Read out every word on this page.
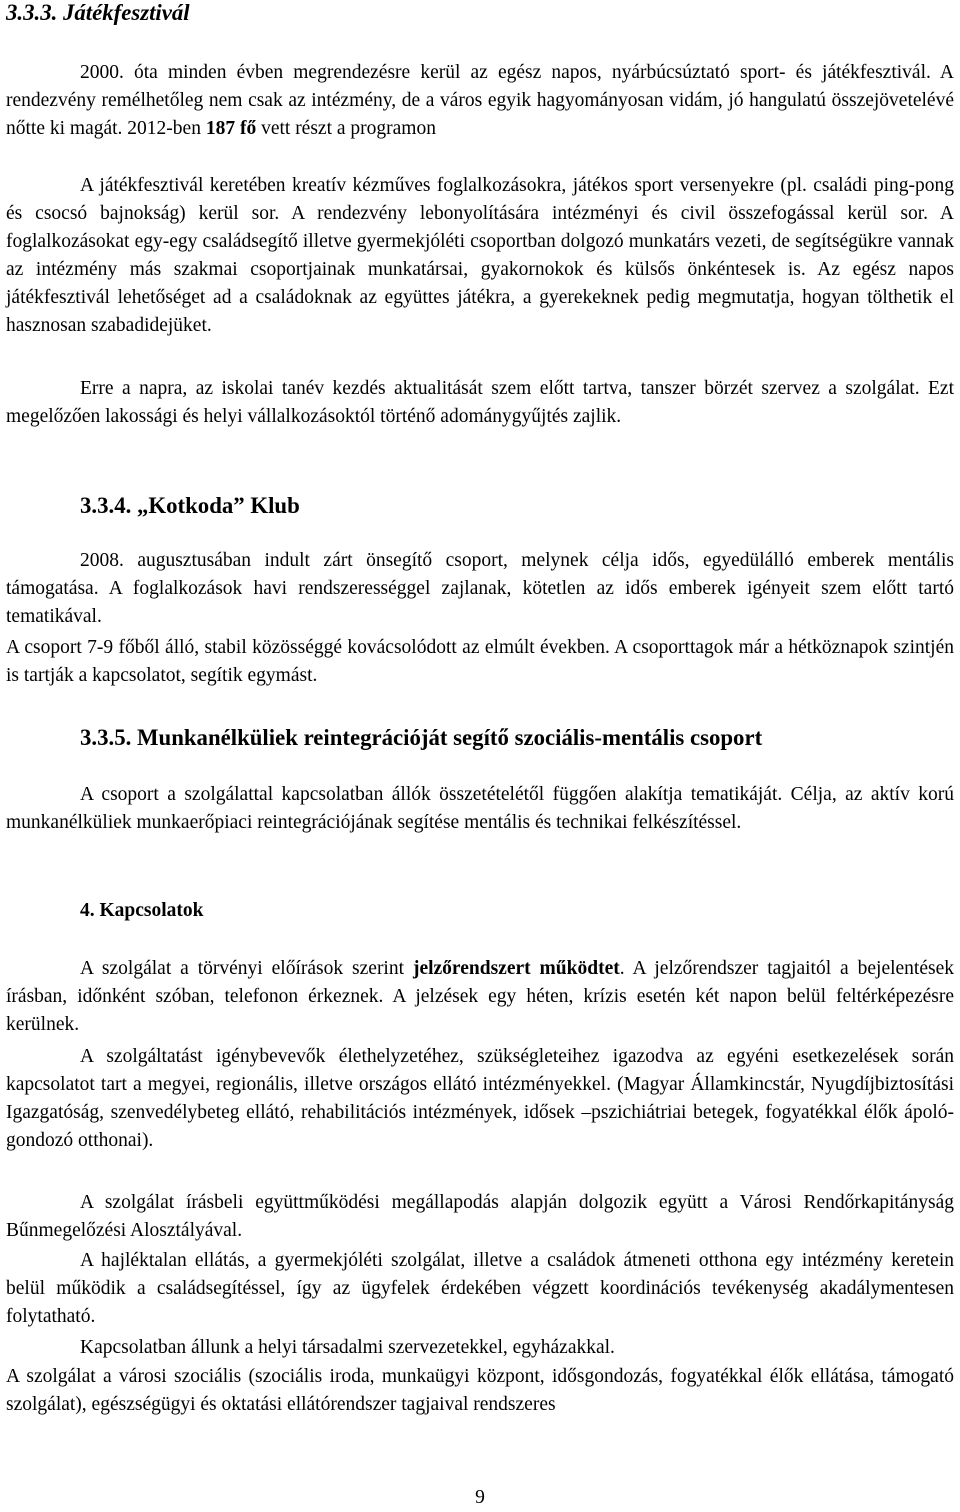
3.3.3. Játékfesztivál

2000. óta minden évben megrendezésre kerül az egész napos, nyárbúcsúztató sport- és játékfesztivál. A rendezvény remélhetőleg nem csak az intézmény, de a város egyik hagyományosan vidám, jó hangulatú összejövetelévé nőtte ki magát. 2012-ben 187 fő vett részt a programon

A játékfesztivál keretében kreatív kézműves foglalkozásokra, játékos sport versenyekre (pl. családi ping-pong és csocsó bajnokság) kerül sor. A rendezvény lebonyolítására intézményi és civil összefogással kerül sor. A foglalkozásokat egy-egy családsegítő illetve gyermekjóléti csoportban dolgozó munkatárs vezeti, de segítségükre vannak az intézmény más szakmai csoportjainak munkatársai, gyakornokok és külsős önkéntesek is. Az egész napos játékfesztivál lehetőséget ad a családoknak az együttes játékra, a gyerekeknek pedig megmutatja, hogyan tölthetik el hasznosan szabadidejüket.

Erre a napra, az iskolai tanév kezdés aktualitását szem előtt tartva, tanszer börzét szervez a szolgálat. Ezt megelőzően lakossági és helyi vállalkozásoktól történő adománygyűjtés zajlik.

3.3.4. „Kotkoda” Klub

2008. augusztusában indult zárt önsegítő csoport, melynek célja idős, egyedülálló emberek mentális támogatása. A foglalkozások havi rendszerességgel zajlanak, kötetlen az idős emberek igényeit szem előtt tartó tematikával.

A csoport 7-9 főből álló, stabil közösséggé kovácsolódott az elmúlt években. A csoporttagok már a hétköznapok szintjén is tartják a kapcsolatot, segítik egymást.

3.3.5. Munkanélküliek reintegrációját segítő szociális-mentális csoport

A csoport a szolgálattal kapcsolatban állók összetételétől függően alakítja tematikáját. Célja, az aktív korú munkanélküliek munkaerőpiaci reintegrációjának segítése mentális és technikai felkészítéssel.

4. Kapcsolatok

A szolgálat a törvényi előírások szerint jelzőrendszert működtet. A jelzőrendszer tagjaitól a bejelentések írásban, időnként szóban, telefonon érkeznek. A jelzések egy héten, krízis esetén két napon belül feltérképezésre kerülnek.

A szolgáltatást igénybevevők élethelyzetéhez, szükségleteihez igazodva az egyéni esetkezelések során kapcsolatot tart a megyei, regionális, illetve országos ellátó intézményekkel. (Magyar Államkincstár, Nyugdíjbiztosítási Igazgatóság, szenvedélybeteg ellátó, rehabilitációs intézmények, idősek –pszichiátriai betegek, fogyatékkal élők ápoló-gondozó otthonai).

A szolgálat írásbeli együttműködési megállapodás alapján dolgozik együtt a Városi Rendőrkapitányság Bűnmegelőzési Alosztályával.

A hajléktalan ellátás, a gyermekjóléti szolgálat, illetve a családok átmeneti otthona egy intézmény keretein belül működik a családsegítéssel, így az ügyfelek érdekében végzett koordinációs tevékenység akadálymentesen folytatható.

Kapcsolatban állunk a helyi társadalmi szervezetekkel, egyházakkal.

A szolgálat a városi szociális (szociális iroda, munkaügyi központ, idősgondozás, fogyatékkal élők ellátása, támogató szolgálat), egészségügyi és oktatási ellátórendszer tagjaival rendszeres

9
